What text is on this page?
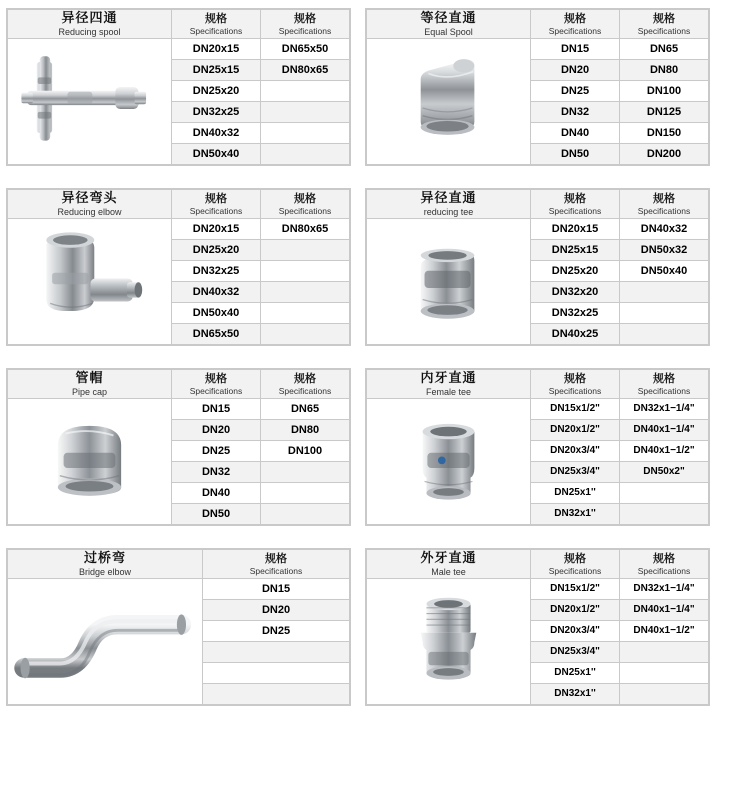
异径四通
Reducing spool

规格
Specifications

规格
Specifications

	DN20x15	DN65x50
	DN25x15	DN80x65
	DN25x20	
	DN32x25	
	DN40x32	
	DN50x40	
等径直通
Equal Spool

规格
Specifications

规格
Specifications

	DN15	DN65
	DN20	DN80
	DN25	DN100
	DN32	DN125
	DN40	DN150
	DN50	DN200
异径弯头
Reducing elbow

规格
Specifications

规格
Specifications

	DN20x15	DN80x65
	DN25x20	
	DN32x25	
	DN40x32	
	DN50x40	
	DN65x50	
异径直通
reducing tee

规格
Specifications

规格
Specifications

	DN20x15	DN40x32
	DN25x15	DN50x32
	DN25x20	DN50x40
	DN32x20	
	DN32x25	
	DN40x25	
管帽
Pipe cap

规格
Specifications

规格
Specifications

	DN15	DN65
	DN20	DN80
	DN25	DN100
	DN32	
	DN40	
	DN50	
内牙直通
Female tee

规格
Specifications

规格
Specifications

	DN15x1/2"	DN32x1−1/4"
	DN20x1/2"	DN40x1−1/4"
	DN20x3/4"	DN40x1−1/2"
	DN25x3/4"	DN50x2"
	DN25x1''	
	DN32x1''	
过桥弯
Bridge elbow

规格
Specifications

	DN15
	DN20
	DN25

外牙直通
Male tee

规格
Specifications

规格
Specifications

	DN15x1/2"	DN32x1−1/4"
	DN20x1/2"	DN40x1−1/4"
	DN20x3/4"	DN40x1−1/2"
	DN25x3/4"	
	DN25x1''	
	DN32x1''	
